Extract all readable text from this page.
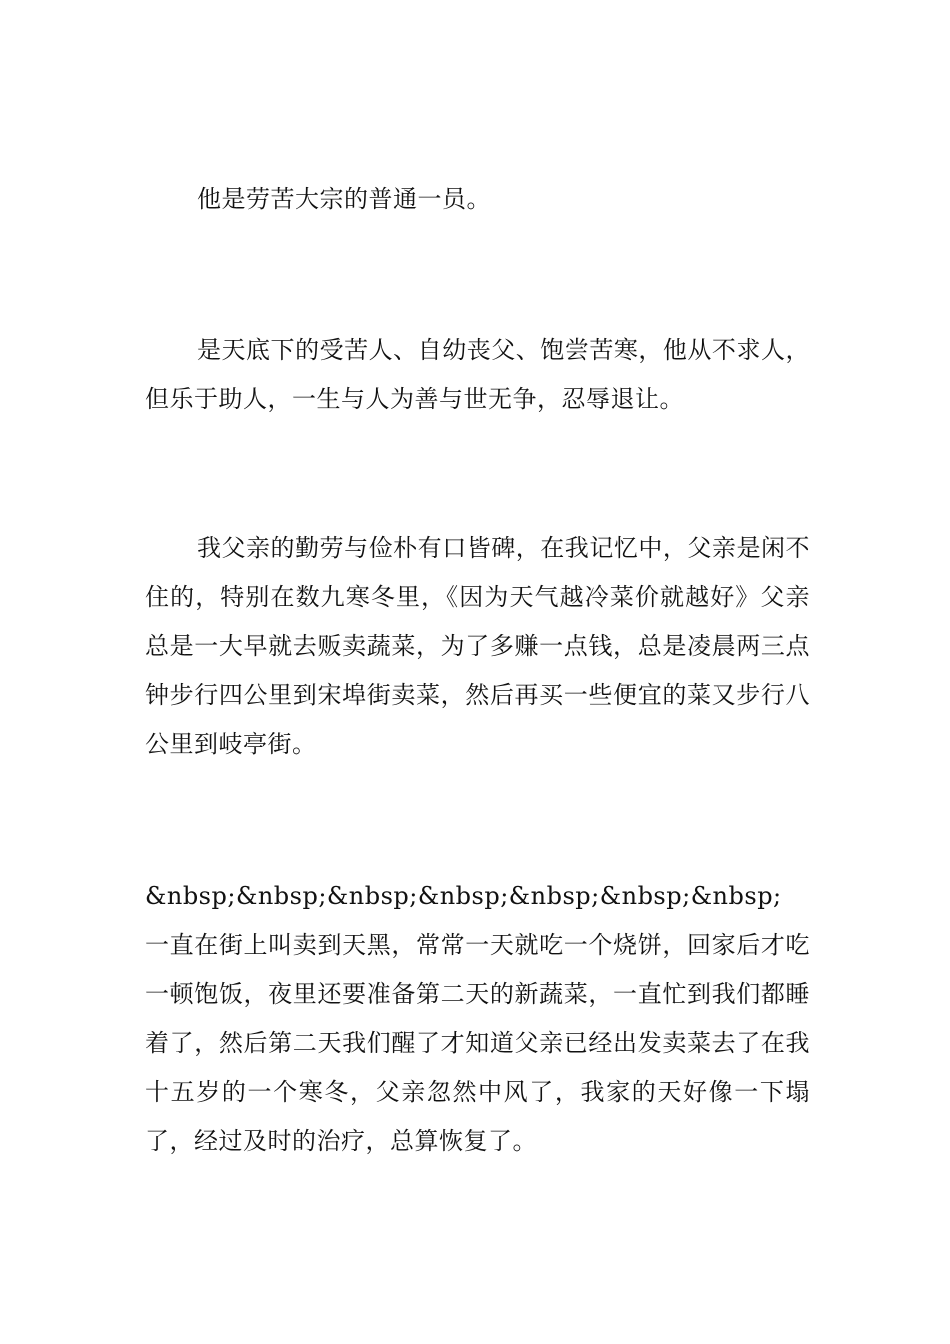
他是劳苦大宗的普通一员。

是天底下的受苦人、自幼丧父、饱尝苦寒，他从不求人，但乐于助人，一生与人为善与世无争，忍辱退让。

我父亲的勤劳与俭朴有口皆碑，在我记忆中，父亲是闲不住的，特别在数九寒冬里，《因为天气越冷菜价就越好》父亲总是一大早就去贩卖蔬菜，为了多赚一点钱，总是凌晨两三点钟步行四公里到宋埠街卖菜，然后再买一些便宜的菜又步行八公里到岐亭街。

&nbsp;&nbsp;&nbsp;&nbsp;&nbsp;&nbsp;&nbsp; 一直在街上叫卖到天黑，常常一天就吃一个烧饼，回家后才吃一顿饱饭，夜里还要准备第二天的新蔬菜，一直忙到我们都睡着了，然后第二天我们醒了才知道父亲已经出发卖菜去了在我十五岁的一个寒冬，父亲忽然中风了，我家的天好像一下塌了，经过及时的治疗，总算恢复了。
